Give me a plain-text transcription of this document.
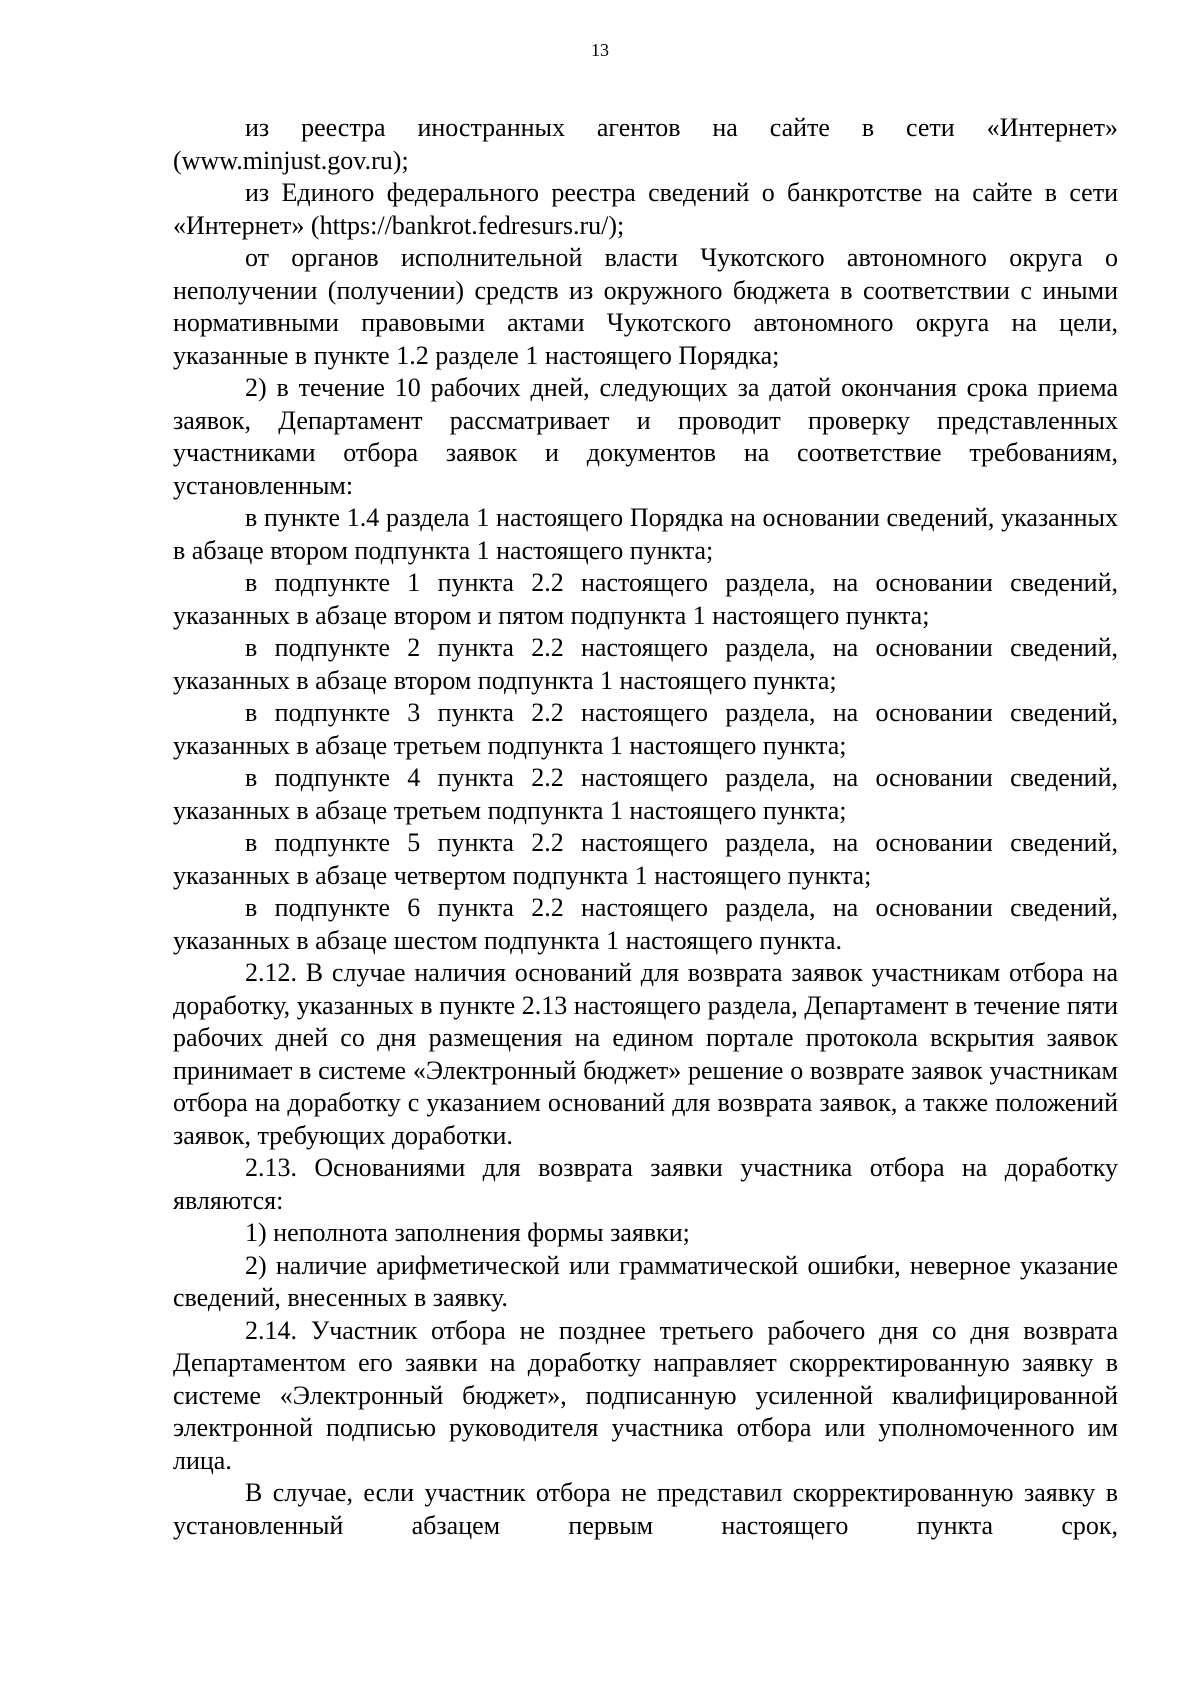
13

из реестра иностранных агентов на сайте в сети «Интернет» (www.minjust.gov.ru);

из Единого федерального реестра сведений о банкротстве на сайте в сети «Интернет» (https://bankrot.fedresurs.ru/);

от органов исполнительной власти Чукотского автономного округа о неполучении (получении) средств из окружного бюджета в соответствии с иными нормативными правовыми актами Чукотского автономного округа на цели, указанные в пункте 1.2 разделе 1 настоящего Порядка;

2) в течение 10 рабочих дней, следующих за датой окончания срока приема заявок, Департамент рассматривает и проводит проверку представленных участниками отбора заявок и документов на соответствие требованиям, установленным:

в пункте 1.4 раздела 1 настоящего Порядка на основании сведений, указанных в абзаце втором подпункта 1 настоящего пункта;

в подпункте 1 пункта 2.2 настоящего раздела, на основании сведений, указанных в абзаце втором и пятом подпункта 1 настоящего пункта;

в подпункте 2 пункта 2.2 настоящего раздела, на основании сведений, указанных в абзаце втором подпункта 1 настоящего пункта;

в подпункте 3 пункта 2.2 настоящего раздела, на основании сведений, указанных в абзаце третьем подпункта 1 настоящего пункта;

в подпункте 4 пункта 2.2 настоящего раздела, на основании сведений, указанных в абзаце третьем подпункта 1 настоящего пункта;

в подпункте 5 пункта 2.2 настоящего раздела, на основании сведений, указанных в абзаце четвертом подпункта 1 настоящего пункта;

в подпункте 6 пункта 2.2 настоящего раздела, на основании сведений, указанных в абзаце шестом подпункта 1 настоящего пункта.

2.12. В случае наличия оснований для возврата заявок участникам отбора на доработку, указанных в пункте 2.13 настоящего раздела, Департамент в течение пяти рабочих дней со дня размещения на едином портале протокола вскрытия заявок принимает в системе «Электронный бюджет» решение о возврате заявок участникам отбора на доработку с указанием оснований для возврата заявок, а также положений заявок, требующих доработки.

2.13. Основаниями для возврата заявки участника отбора на доработку являются:

1) неполнота заполнения формы заявки;

2) наличие арифметической или грамматической ошибки, неверное указание сведений, внесенных в заявку.

2.14. Участник отбора не позднее третьего рабочего дня со дня возврата Департаментом его заявки на доработку направляет скорректированную заявку в системе «Электронный бюджет», подписанную усиленной квалифицированной электронной подписью руководителя участника отбора или уполномоченного им лица.

В случае, если участник отбора не представил скорректированную заявку в установленный абзацем первым настоящего пункта срок,
